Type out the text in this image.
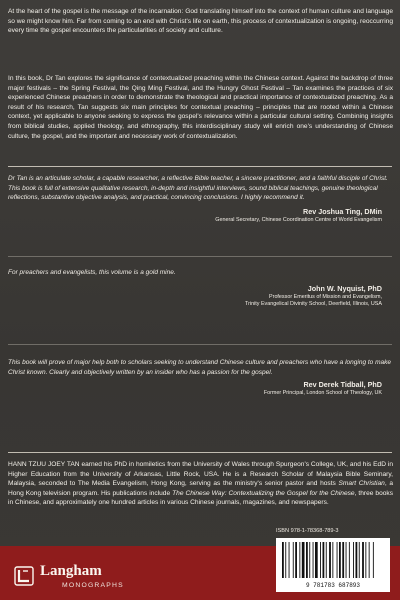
At the heart of the gospel is the message of the incarnation: God translating himself into the context of human culture and language so we might know him. Far from coming to an end with Christ's life on earth, this process of contextualization is ongoing, reoccurring every time the gospel encounters the particularities of society and culture.

In this book, Dr Tan explores the significance of contextualized preaching within the Chinese context. Against the backdrop of three major festivals – the Spring Festival, the Qing Ming Festival, and the Hungry Ghost Festival – Tan examines the practices of six experienced Chinese preachers in order to demonstrate the theological and practical importance of contextualized preaching. As a result of his research, Tan suggests six main principles for contextual preaching – principles that are rooted within a Chinese context, yet applicable to anyone seeking to express the gospel's relevance within a particular cultural setting. Combining insights from biblical studies, applied theology, and ethnography, this interdisciplinary study will enrich one's understanding of Chinese culture, the gospel, and the important and necessary work of contextualization.

Dr Tan is an articulate scholar, a capable researcher, a reflective Bible teacher, a sincere practitioner, and a faithful disciple of Christ. This book is full of extensive qualitative research, in-depth and insightful interviews, sound biblical teachings, genuine theological reflections, substantive objective analysis, and practical, convincing conclusions. I highly recommend it.

Rev Joshua Ting, DMin
General Secretary, Chinese Coordination Centre of World Evangelism

For preachers and evangelists, this volume is a gold mine.

John W. Nyquist, PhD
Professor Emeritus of Mission and Evangelism,
Trinity Evangelical Divinity School, Deerfield, Illinois, USA

This book will prove of major help both to scholars seeking to understand Chinese culture and preachers who have a longing to make Christ known. Clearly and objectively written by an insider who has a passion for the gospel.

Rev Derek Tidball, PhD
Former Principal, London School of Theology, UK

HANN TZUU JOEY TAN earned his PhD in homiletics from the University of Wales through Spurgeon's College, UK, and his EdD in Higher Education from the University of Arkansas, Little Rock, USA. He is a Research Scholar of Malaysia Bible Seminary, Malaysia, seconded to The Media Evangelism, Hong Kong, serving as the ministry's senior pastor and hosts Smart Christian, a Hong Kong television program. His publications include The Chinese Way: Contextualizing the Gospel for the Chinese, three books in Chinese, and approximately one hundred articles in various Chinese journals, magazines, and newspapers.

Langham

MONOGRAPHS

ISBN 978-1-78368-789-3

9 781783 687893
